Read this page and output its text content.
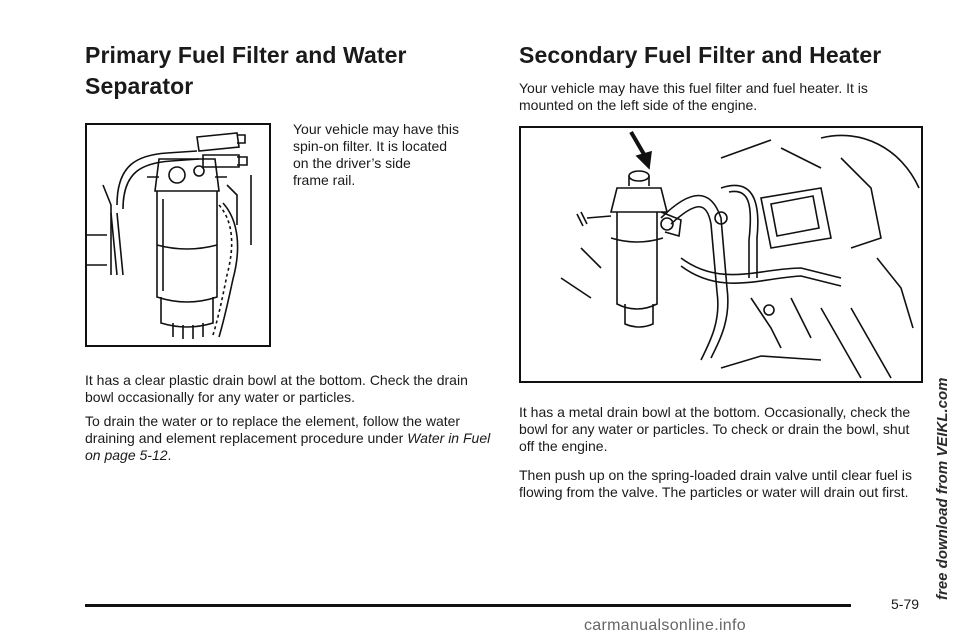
Primary Fuel Filter and Water Separator
Your vehicle may have this
spin-on filter. It is located
on the driver’s side
frame rail.

It has a clear plastic drain bowl at the bottom. Check the drain bowl occasionally for any water or particles.

To drain the water or to replace the element, follow the water draining and element replacement procedure under Water in Fuel on page 5-12.

Secondary Fuel Filter and Heater

Your vehicle may have this fuel filter and fuel heater. It is mounted on the left side of the engine.

It has a metal drain bowl at the bottom. Occasionally, check the bowl for any water or particles. To check or drain the bowl, shut off the engine.

Then push up on the spring-loaded drain valve until clear fuel is flowing from the valve. The particles or water will drain out first.

5-79
free download from VEIKL.com
carmanualsonline.info
